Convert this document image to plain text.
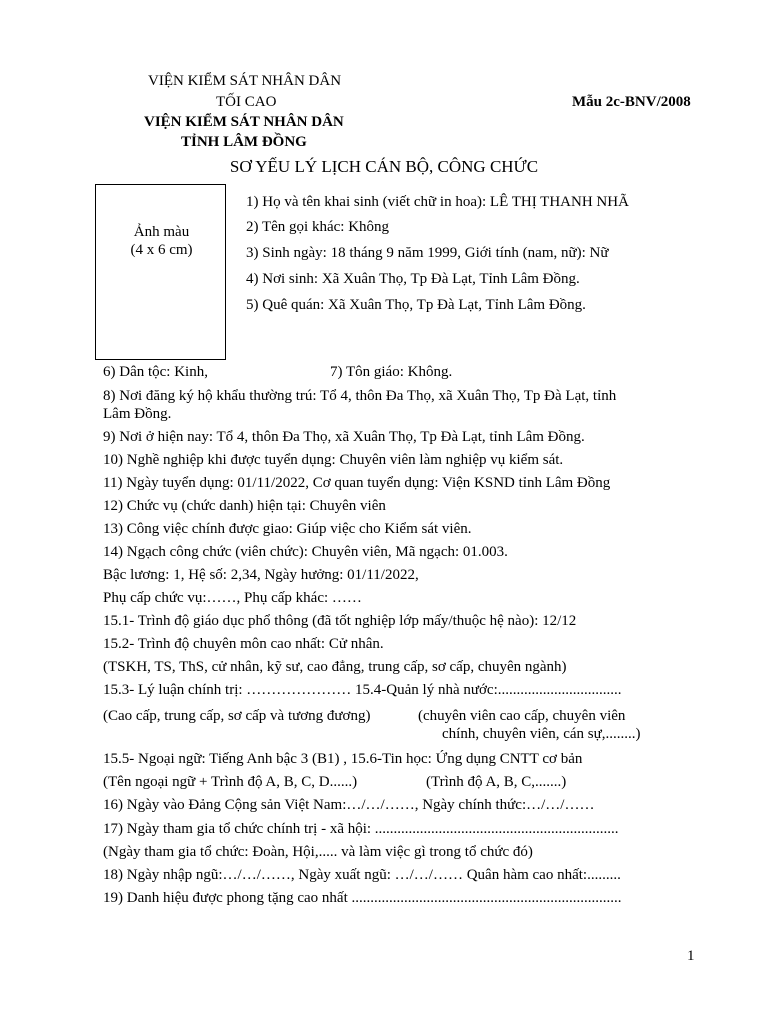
VIỆN KIỂM SÁT NHÂN DÂN
TỐI CAO
VIỆN KIỂM SÁT NHÂN DÂN
TỈNH LÂM ĐỒNG
Mẫu 2c-BNV/2008
SƠ YẾU LÝ LỊCH CÁN BỘ, CÔNG CHỨC
Ảnh màu
(4 x 6 cm)
1) Họ và tên khai sinh (viết chữ in hoa): LÊ THỊ THANH NHÃ
2) Tên gọi khác: Không
3) Sinh ngày: 18 tháng 9 năm 1999, Giới tính (nam, nữ): Nữ
4) Nơi sinh: Xã Xuân Thọ, Tp Đà Lạt, Tỉnh Lâm Đồng.
5) Quê quán: Xã Xuân Thọ, Tp Đà Lạt, Tỉnh Lâm Đồng.
6) Dân tộc: Kinh,	7) Tôn giáo: Không.
8) Nơi đăng ký hộ khẩu thường trú: Tổ 4, thôn Đa Thọ, xã Xuân Thọ, Tp Đà Lạt, tỉnh
Lâm Đồng.
9) Nơi ở hiện nay: Tổ 4, thôn Đa Thọ, xã Xuân Thọ, Tp Đà Lạt, tỉnh Lâm Đồng.
10) Nghề nghiệp khi được tuyển dụng: Chuyên viên làm nghiệp vụ kiểm sát.
11) Ngày tuyển dụng: 01/11/2022, Cơ quan tuyển dụng: Viện KSND tỉnh Lâm Đồng
12) Chức vụ (chức danh) hiện tại: Chuyên viên
13) Công việc chính được giao: Giúp việc cho Kiểm sát viên.
14) Ngạch công chức (viên chức): Chuyên viên, Mã ngạch: 01.003.
Bậc lương: 1, Hệ số: 2,34, Ngày hưởng: 01/11/2022,
Phụ cấp chức vụ:……, Phụ cấp khác: ……
15.1- Trình độ giáo dục phổ thông (đã tốt nghiệp lớp mấy/thuộc hệ nào): 12/12
15.2- Trình độ chuyên môn cao nhất: Cử nhân.
(TSKH, TS, ThS, cử nhân, kỹ sư, cao đẳng, trung cấp, sơ cấp, chuyên ngành)
15.3- Lý luận chính trị: ………………… 15.4-Quản lý nhà nước:.................................
(Cao cấp, trung cấp, sơ cấp và tương đương)	(chuyên viên cao cấp, chuyên viên
chính, chuyên viên, cán sự,........)
15.5- Ngoại ngữ: Tiếng Anh bậc 3 (B1) , 15.6-Tin học: Ứng dụng CNTT cơ bản
(Tên ngoại ngữ + Trình độ A, B, C, D......)	(Trình độ A, B, C,.......)
16) Ngày vào Đảng Cộng sản Việt Nam:…/…/……, Ngày chính thức:…/…/……
17) Ngày tham gia tổ chức chính trị - xã hội: .................................................................
(Ngày tham gia tổ chức: Đoàn, Hội,..... và làm việc gì trong tổ chức đó)
18) Ngày nhập ngũ:…/…/……, Ngày xuất ngũ: …/…/…… Quân hàm cao nhất:.........
19) Danh hiệu được phong tặng cao nhất ........................................................................
1
